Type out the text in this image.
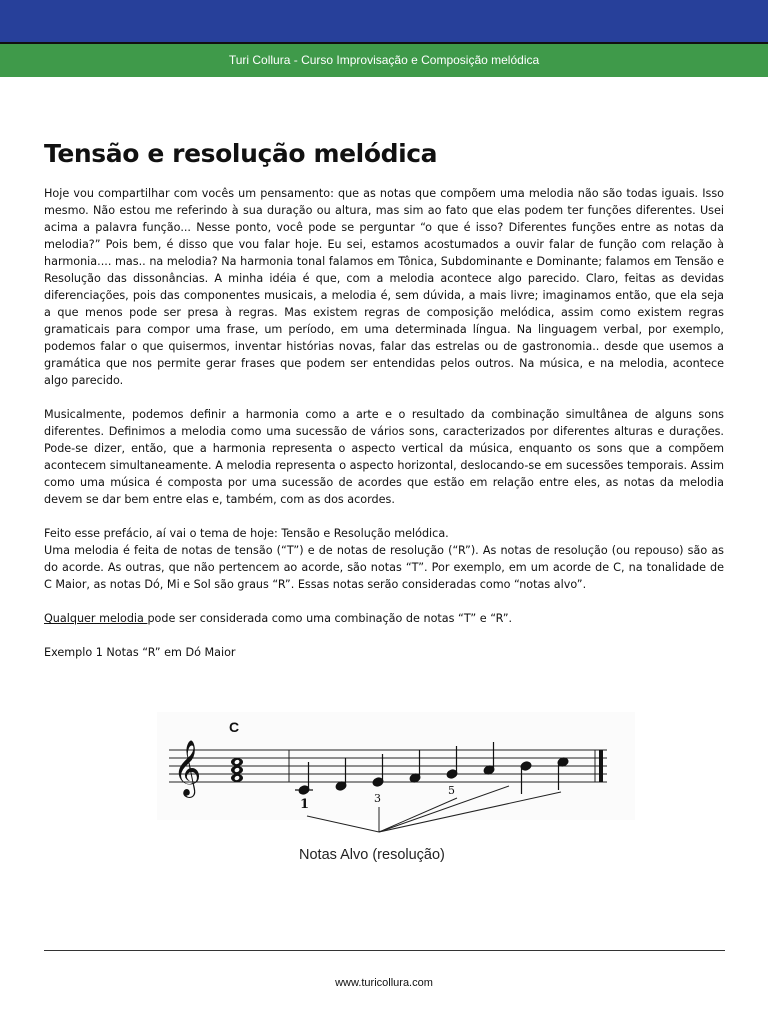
Turi Collura - Curso Improvisação e Composição melódica
Tensão e resolução melódica

Hoje vou compartilhar com vocês um pensamento: que as notas que compõem uma melodia não são todas iguais. Isso mesmo. Não estou me referindo à sua duração ou altura, mas sim ao fato que elas podem ter funções diferentes. Usei acima a palavra função... Nesse ponto, você pode se perguntar “o que é isso? Diferentes funções entre as notas da melodia?” Pois bem, é disso que vou falar hoje. Eu sei, estamos acostumados a ouvir falar de função com relação à harmonia.... mas.. na melodia? Na harmonia tonal falamos em Tônica, Subdominante e Dominante; falamos em Tensão e Resolução das dissonâncias. A minha idéia é que, com a melodia acontece algo parecido. Claro, feitas as devidas diferenciações, pois das componentes musicais, a melodia é, sem dúvida, a mais livre; imaginamos então, que ela seja a que menos pode ser presa à regras. Mas existem regras de composição melódica, assim como existem regras gramaticais para compor uma frase, um período, em uma determinada língua. Na linguagem verbal, por exemplo, podemos falar o que quisermos, inventar histórias novas, falar das estrelas ou de gastronomia.. desde que usemos a gramática que nos permite gerar frases que podem ser entendidas pelos outros. Na música, e na melodia, acontece algo parecido.

Musicalmente, podemos definir a harmonia como a arte e o resultado da combinação simultânea de alguns sons diferentes. Definimos a melodia como uma sucessão de vários sons, caracterizados por diferentes alturas e durações. Pode-se dizer, então, que a harmonia representa o aspecto vertical da música, enquanto os sons que a compõem acontecem simultaneamente. A melodia representa o aspecto horizontal, deslocando-se em sucessões temporais. Assim como uma música é composta por uma sucessão de acordes que estão em relação entre eles, as notas da melodia devem se dar bem entre elas e, também, com as dos acordes.

Feito esse prefácio, aí vai o tema de hoje: Tensão e Resolução melódica.
Uma melodia é feita de notas de tensão (“T”) e de notas de resolução (“R”). As notas de resolução (ou repouso) são as do acorde. As outras, que não pertencem ao acorde, são notas “T”. Por exemplo, em um acorde de C, na tonalidade de C Maior, as notas Dó, Mi e Sol são graus “R”. Essas notas serão consideradas como “notas alvo”.

Qualquer melodia pode ser considerada como uma combinação de notas “T” e “R”.

Exemplo 1 Notas “R” em Dó Maior

C
𝄞
1	3
5
Notas Alvo (resolução)
www.turicollura.com
